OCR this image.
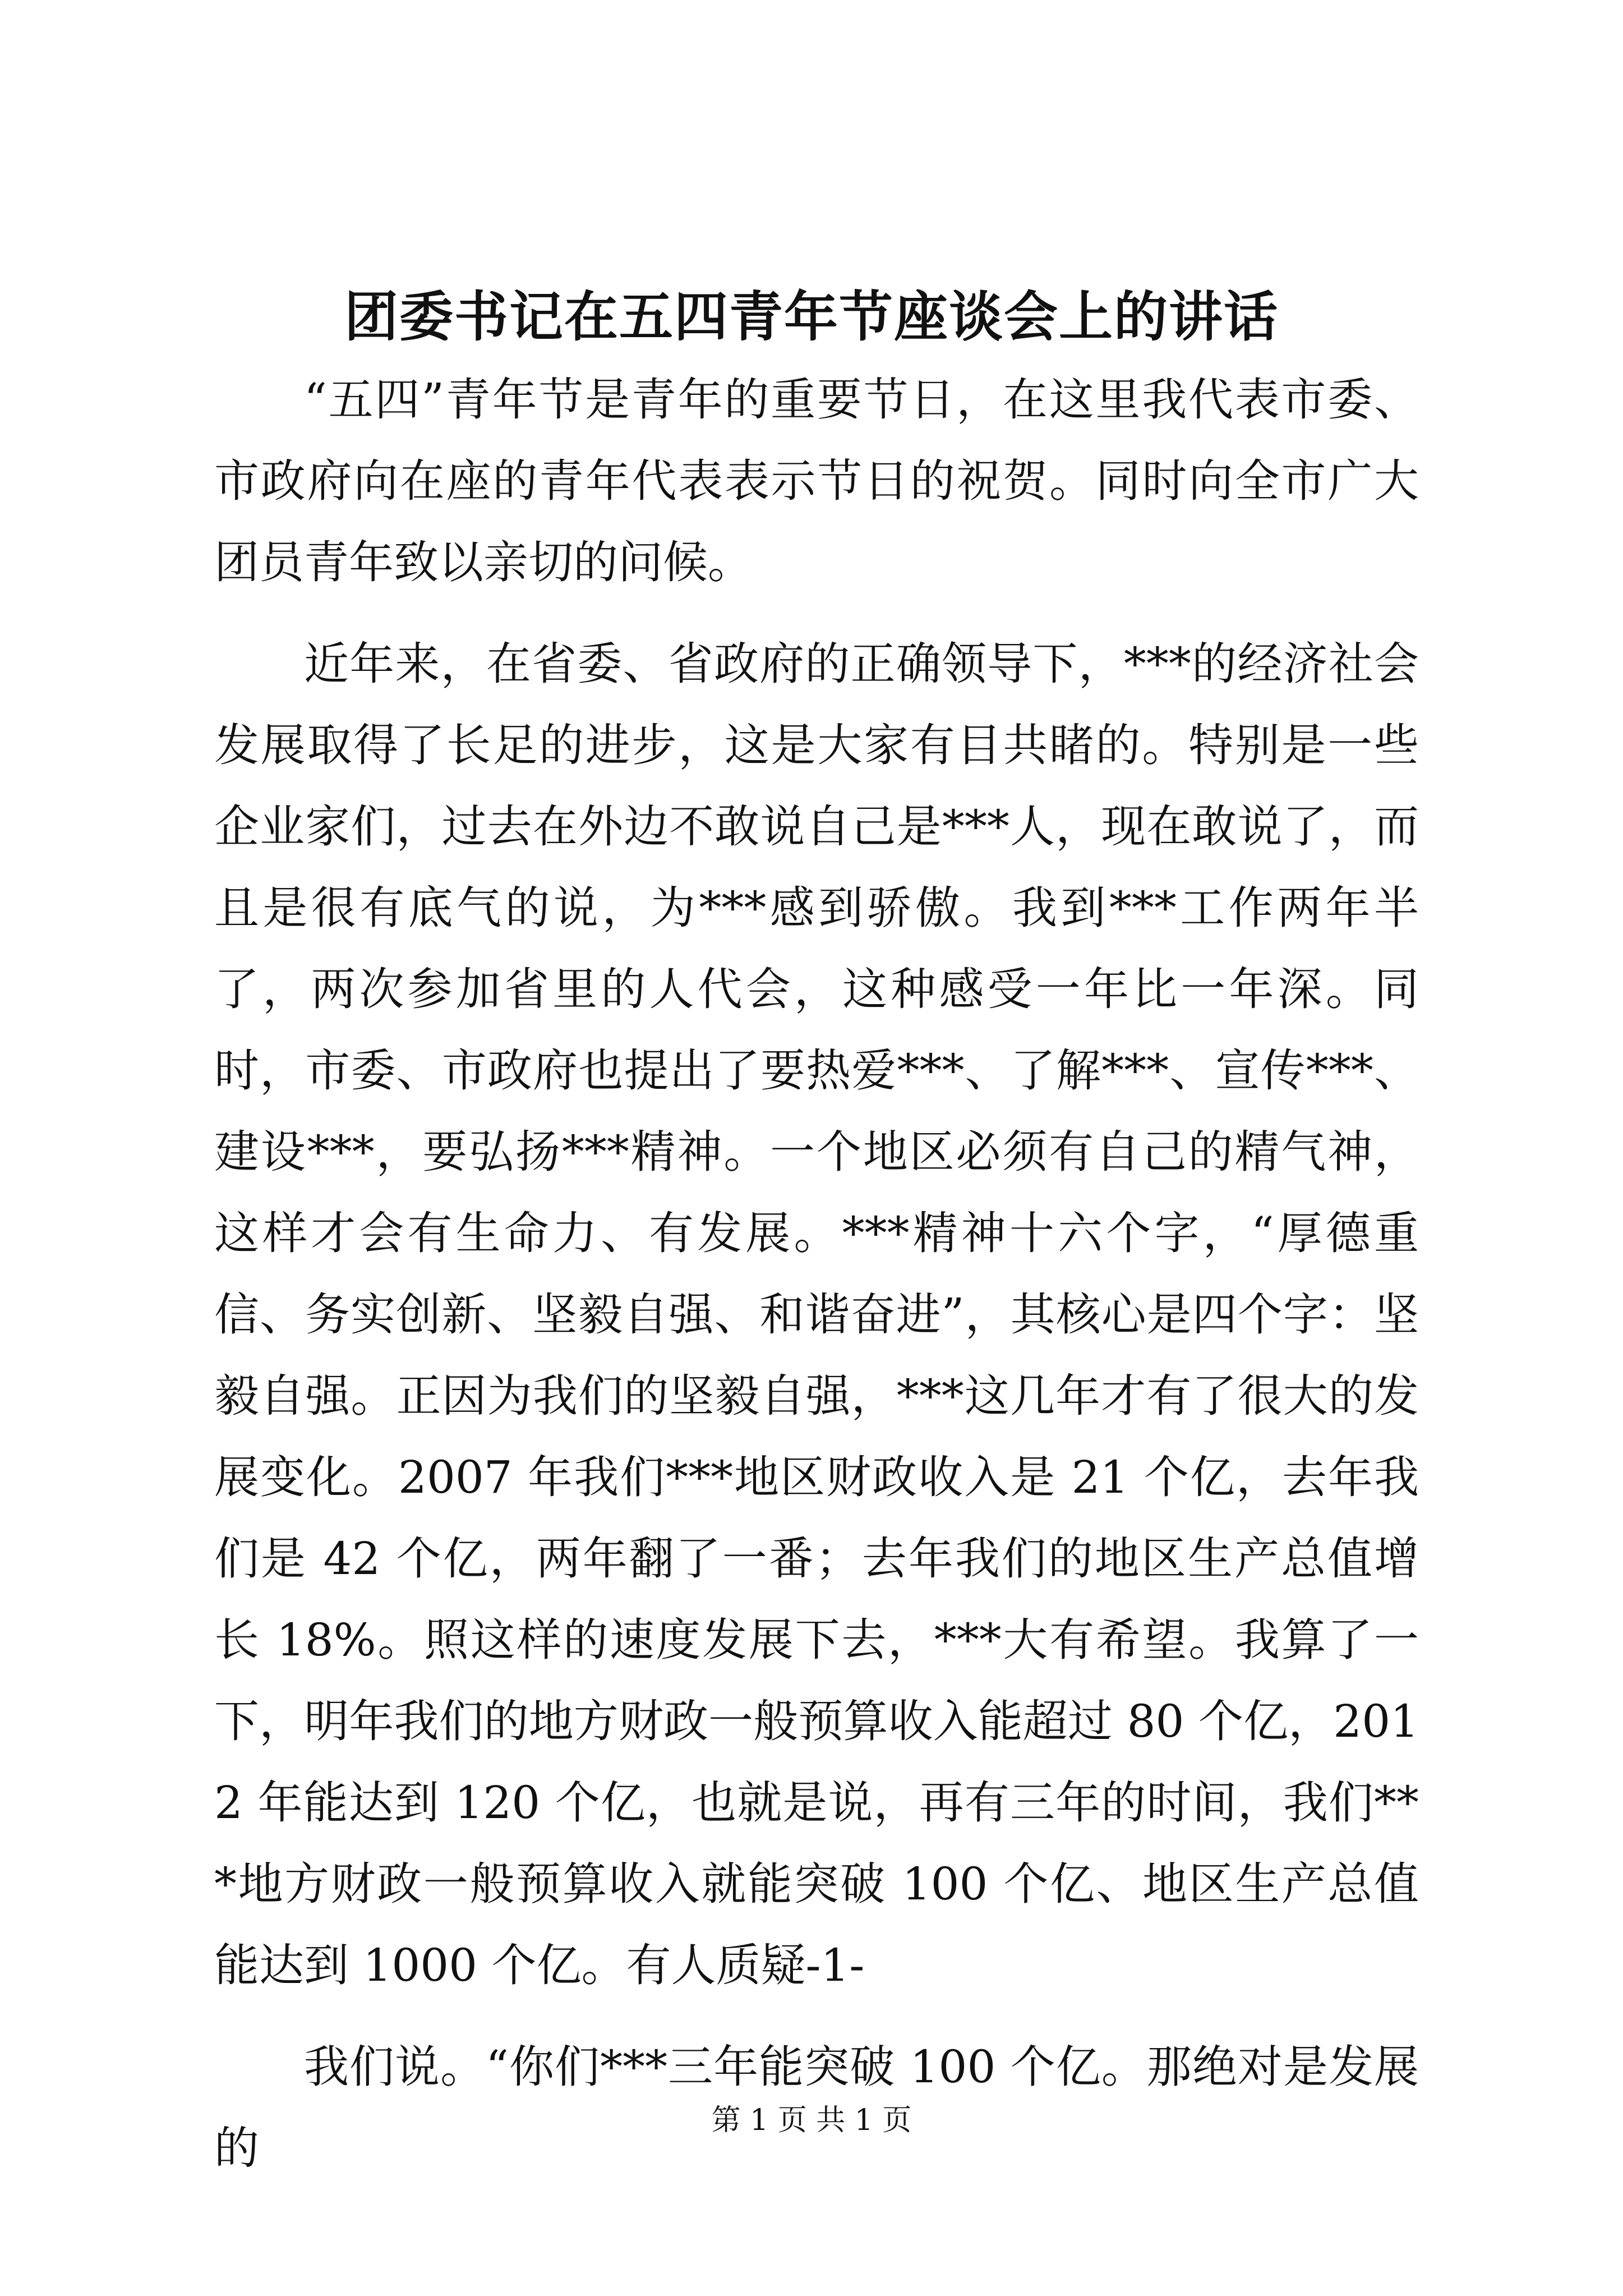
团委书记在五四青年节座谈会上的讲话

“五四”青年节是青年的重要节日，在这里我代表市委、市政府向在座的青年代表表示节日的祝贺。同时向全市广大团员青年致以亲切的问候。

近年来，在省委、省政府的正确领导下，***的经济社会发展取得了长足的进步，这是大家有目共睹的。特别是一些企业家们，过去在外边不敢说自己是***人，现在敢说了，而且是很有底气的说，为***感到骄傲。我到***工作两年半了，两次参加省里的人代会，这种感受一年比一年深。同时，市委、市政府也提出了要热爱***、了解***、宣传***、建设***，要弘扬***精神。一个地区必须有自己的精气神，这样才会有生命力、有发展。***精神十六个字，“厚德重信、务实创新、坚毅自强、和谐奋进”，其核心是四个字：坚毅自强。正因为我们的坚毅自强，***这几年才有了很大的发展变化。2007 年我们***地区财政收入是 21 个亿，去年我们是 42 个亿，两年翻了一番；去年我们的地区生产总值增长 18%。照这样的速度发展下去，***大有希望。我算了一下，明年我们的地方财政一般预算收入能超过 80 个亿，2012 年能达到 120 个亿，也就是说，再有三年的时间，我们***地方财政一般预算收入就能突破 100 个亿、地区生产总值能达到 1000 个亿。有人质疑-1-

我们说。“你们***三年能突破 100 个亿。那绝对是发展的

第 1 页 共 1 页
